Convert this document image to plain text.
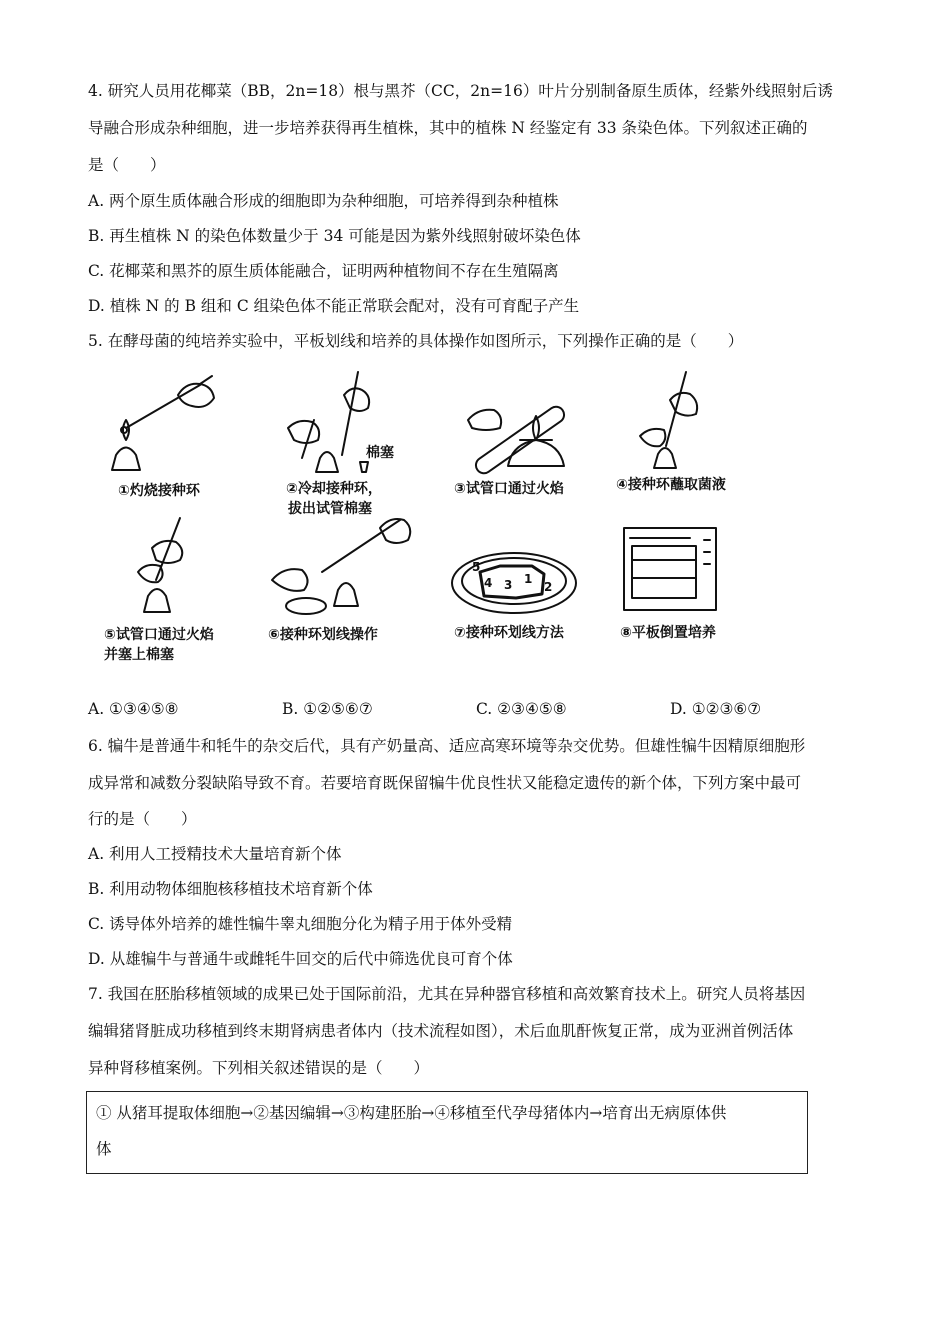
4. 研究人员用花椰菜（BB，2n=18）根与黑芥（CC，2n=16）叶片分别制备原生质体，经紫外线照射后诱
导融合形成杂种细胞，进一步培养获得再生植株，其中的植株 N 经鉴定有 33 条染色体。下列叙述正确的
是（　　）
A. 两个原生质体融合形成的细胞即为杂种细胞，可培养得到杂种植株
B. 再生植株 N 的染色体数量少于 34 可能是因为紫外线照射破坏染色体
C. 花椰菜和黑芥的原生质体能融合，证明两种植物间不存在生殖隔离
D. 植株 N 的 B 组和 C 组染色体不能正常联会配对，没有可育配子产生
5. 在酵母菌的纯培养实验中，平板划线和培养的具体操作如图所示，下列操作正确的是（　　）
①灼烧接种环
棉塞
②冷却接种环，
拔出试管棉塞
③试管口通过火焰	④接种环蘸取菌液
⑤试管口通过火焰
并塞上棉塞
⑥接种环划线操作
5
4 3 1
2
⑦接种环划线方法	⑧平板倒置培养
A. ①③④⑤⑧	B. ①②⑤⑥⑦	C. ②③④⑤⑧	D. ①②③⑥⑦
6. 犏牛是普通牛和牦牛的杂交后代，具有产奶量高、适应高寒环境等杂交优势。但雄性犏牛因精原细胞形
成异常和减数分裂缺陷导致不育。若要培育既保留犏牛优良性状又能稳定遗传的新个体，下列方案中最可
行的是（　　）
A. 利用人工授精技术大量培育新个体
B. 利用动物体细胞核移植技术培育新个体
C. 诱导体外培养的雄性犏牛睾丸细胞分化为精子用于体外受精
D. 从雄犏牛与普通牛或雌牦牛回交的后代中筛选优良可育个体
7. 我国在胚胎移植领域的成果已处于国际前沿，尤其在异种器官移植和高效繁育技术上。研究人员将基因
编辑猪肾脏成功移植到终末期肾病患者体内（技术流程如图），术后血肌酐恢复正常，成为亚洲首例活体
异种肾移植案例。下列相关叙述错误的是（　　）
① 从猪耳提取体细胞→②基因编辑→③构建胚胎→④移植至代孕母猪体内→培育出无病原体供
体
